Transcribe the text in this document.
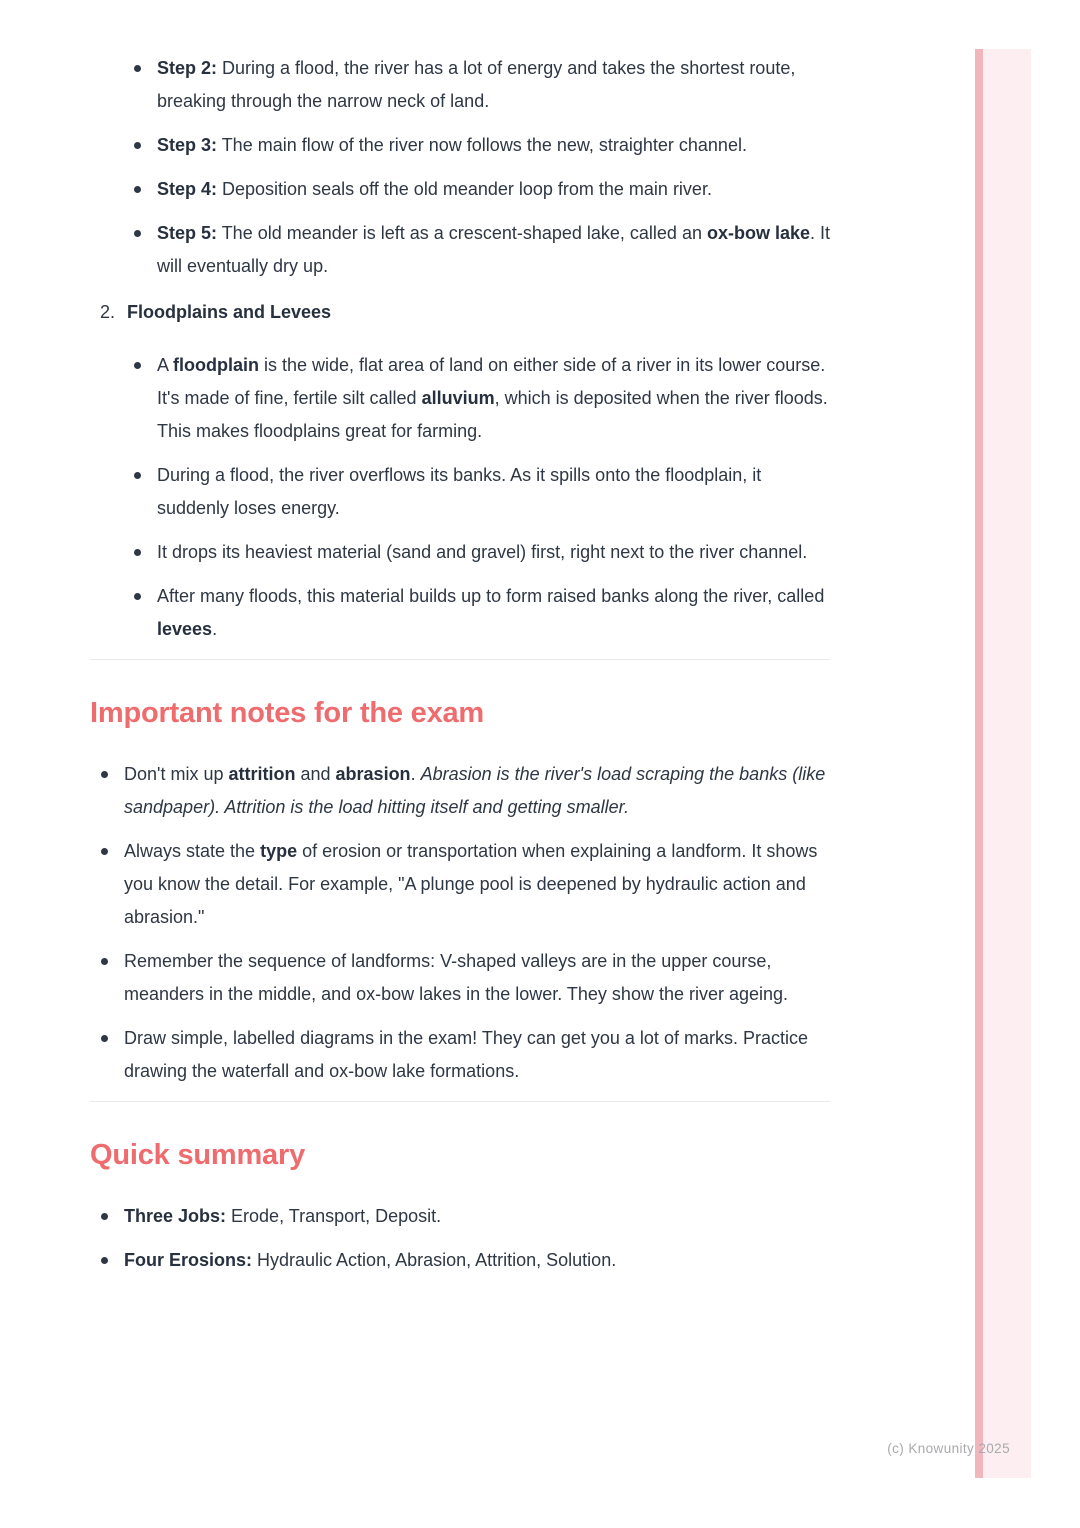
(c) Knowunity 2025
Step 2: During a flood, the river has a lot of energy and takes the shortest route, breaking through the narrow neck of land.
Step 3: The main flow of the river now follows the new, straighter channel.
Step 4: Deposition seals off the old meander loop from the main river.
Step 5: The old meander is left as a crescent-shaped lake, called an ox-bow lake. It will eventually dry up.
2. Floodplains and Levees
A floodplain is the wide, flat area of land on either side of a river in its lower course. It's made of fine, fertile silt called alluvium, which is deposited when the river floods. This makes floodplains great for farming.
During a flood, the river overflows its banks. As it spills onto the floodplain, it suddenly loses energy.
It drops its heaviest material (sand and gravel) first, right next to the river channel.
After many floods, this material builds up to form raised banks along the river, called levees.
Important notes for the exam
Don't mix up attrition and abrasion. Abrasion is the river's load scraping the banks (like sandpaper). Attrition is the load hitting itself and getting smaller.
Always state the type of erosion or transportation when explaining a landform. It shows you know the detail. For example, "A plunge pool is deepened by hydraulic action and abrasion."
Remember the sequence of landforms: V-shaped valleys are in the upper course, meanders in the middle, and ox-bow lakes in the lower. They show the river ageing.
Draw simple, labelled diagrams in the exam! They can get you a lot of marks. Practice drawing the waterfall and ox-bow lake formations.
Quick summary
Three Jobs: Erode, Transport, Deposit.
Four Erosions: Hydraulic Action, Abrasion, Attrition, Solution.
